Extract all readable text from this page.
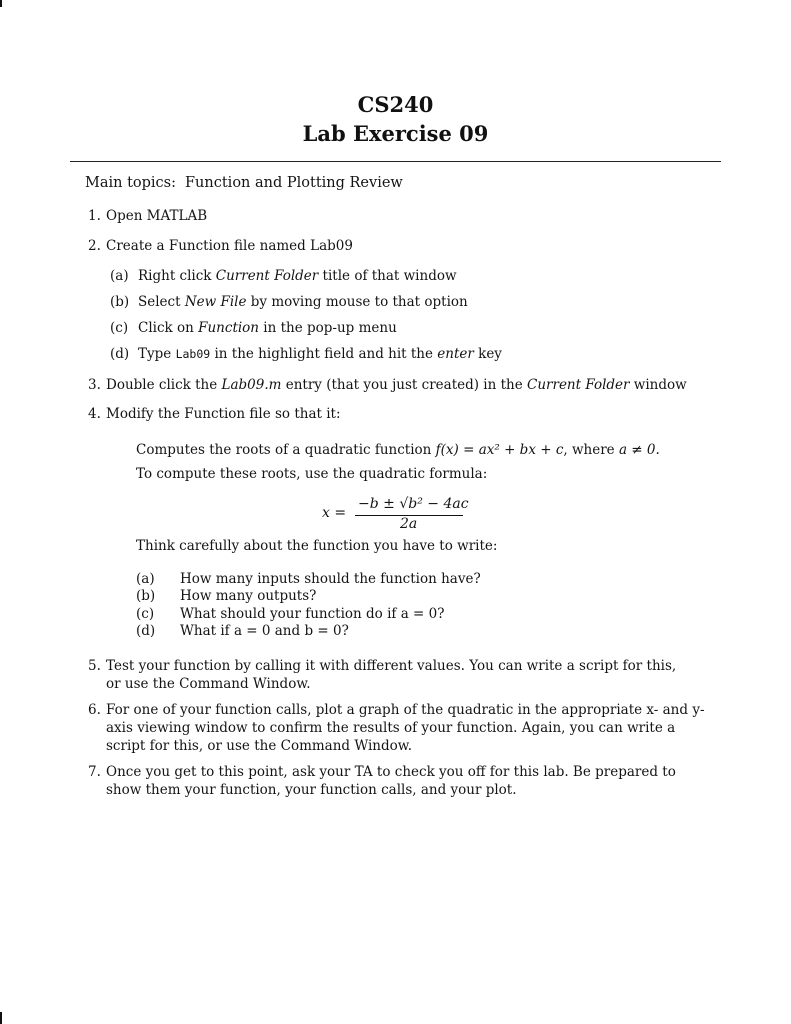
CS240
Lab Exercise 09
Main topics: Function and Plotting Review
1. Open MATLAB
2. Create a Function file named Lab09
(a) Right click Current Folder title of that window
(b) Select New File by moving mouse to that option
(c) Click on Function in the pop-up menu
(d) Type Lab09 in the highlight field and hit the enter key
3. Double click the Lab09.m entry (that you just created) in the Current Folder window
4. Modify the Function file so that it:
Computes the roots of a quadratic function f(x) = ax² + bx + c, where a ≠ 0.
To compute these roots, use the quadratic formula:
x =
−b ± √b² − 4ac
2a
Think carefully about the function you have to write:
(a) How many inputs should the function have?
(b) How many outputs?
(c) What should your function do if a = 0?
(d) What if a = 0 and b = 0?
5. Test your function by calling it with different values. You can write a script for this, or use the Command Window.
6. For one of your function calls, plot a graph of the quadratic in the appropriate x- and y-axis viewing window to confirm the results of your function. Again, you can write a script for this, or use the Command Window.
7. Once you get to this point, ask your TA to check you off for this lab. Be prepared to show them your function, your function calls, and your plot.
